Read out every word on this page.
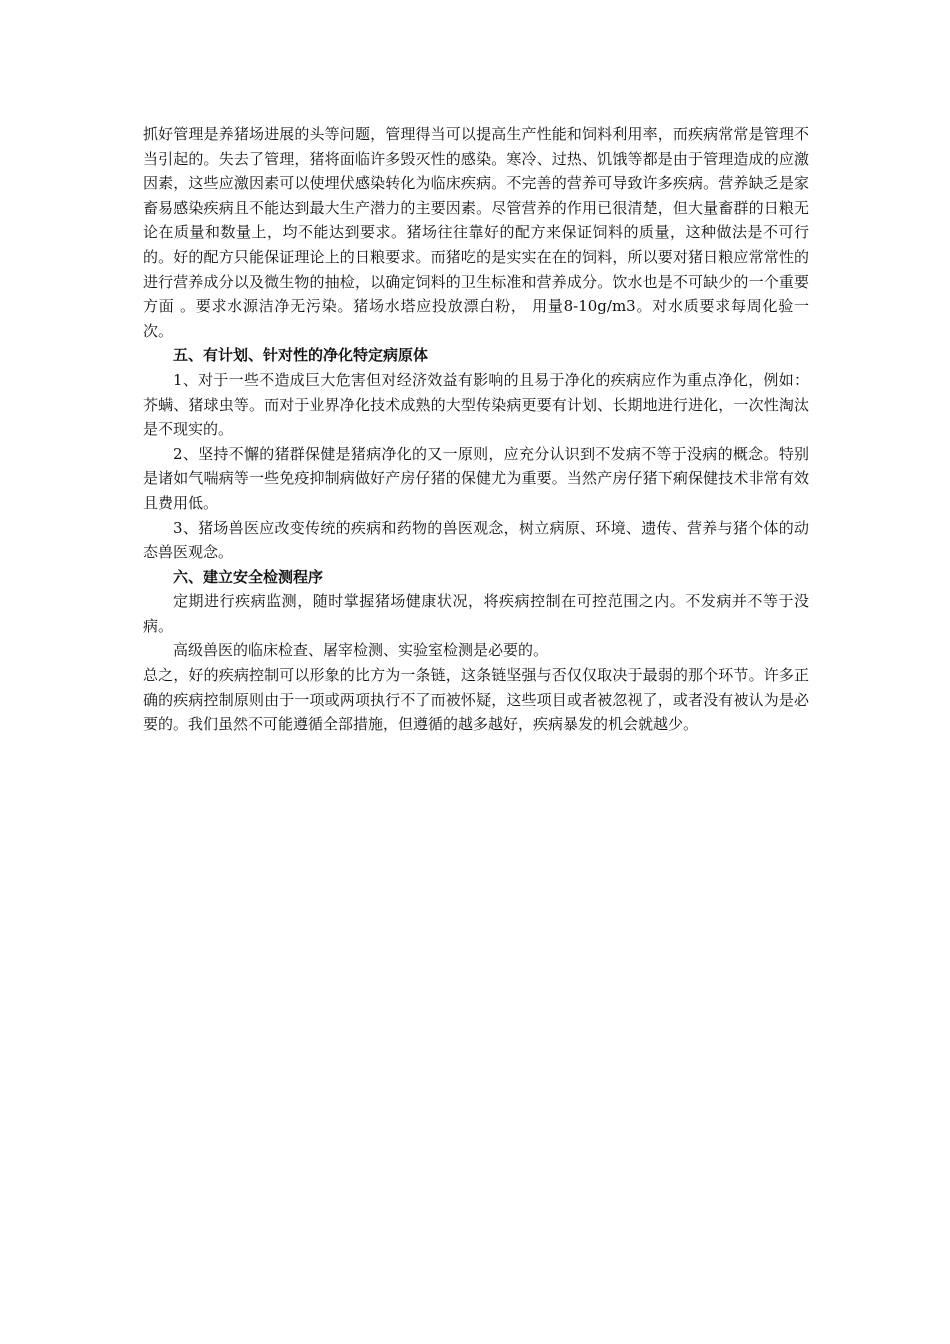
抓好管理是养猪场进展的头等问题，管理得当可以提高生产性能和饲料利用率，而疾病常常是管理不当引起的。失去了管理，猪将面临许多毁灭性的感染。寒冷、过热、饥饿等都是由于管理造成的应激因素，这些应激因素可以使埋伏感染转化为临床疾病。不完善的营养可导致许多疾病。营养缺乏是家畜易感染疾病且不能达到最大生产潜力的主要因素。尽管营养的作用已很清楚，但大量畜群的日粮无论在质量和数量上，均不能达到要求。猪场往往靠好的配方来保证饲料的质量，这种做法是不可行的。好的配方只能保证理论上的日粮要求。而猪吃的是实实在在的饲料，所以要对猪日粮应常常性的进行营养成分以及微生物的抽检，以确定饲料的卫生标准和营养成分。饮水也是不可缺少的一个重要方面 。要求水源洁净无污染。猪场水塔应投放漂白粉， 用量8-10g/m3。对水质要求每周化验一次。

五、有计划、针对性的净化特定病原体

1、对于一些不造成巨大危害但对经济效益有影响的且易于净化的疾病应作为重点净化，例如：芥螨、猪球虫等。而对于业界净化技术成熟的大型传染病更要有计划、长期地进行进化，一次性淘汰是不现实的。

2、坚持不懈的猪群保健是猪病净化的又一原则，应充分认识到不发病不等于没病的概念。特别是诸如气喘病等一些免疫抑制病做好产房仔猪的保健尤为重要。当然产房仔猪下痢保健技术非常有效且费用低。

3、猪场兽医应改变传统的疾病和药物的兽医观念，树立病原、环境、遗传、营养与猪个体的动态兽医观念。

六、建立安全检测程序

定期进行疾病监测，随时掌握猪场健康状况，将疾病控制在可控范围之内。不发病并不等于没病。

高级兽医的临床检查、屠宰检测、实验室检测是必要的。

总之，好的疾病控制可以形象的比方为一条链，这条链坚强与否仅仅取决于最弱的那个环节。许多正确的疾病控制原则由于一项或两项执行不了而被怀疑，这些项目或者被忽视了，或者没有被认为是必要的。我们虽然不可能遵循全部措施，但遵循的越多越好，疾病暴发的机会就越少。
